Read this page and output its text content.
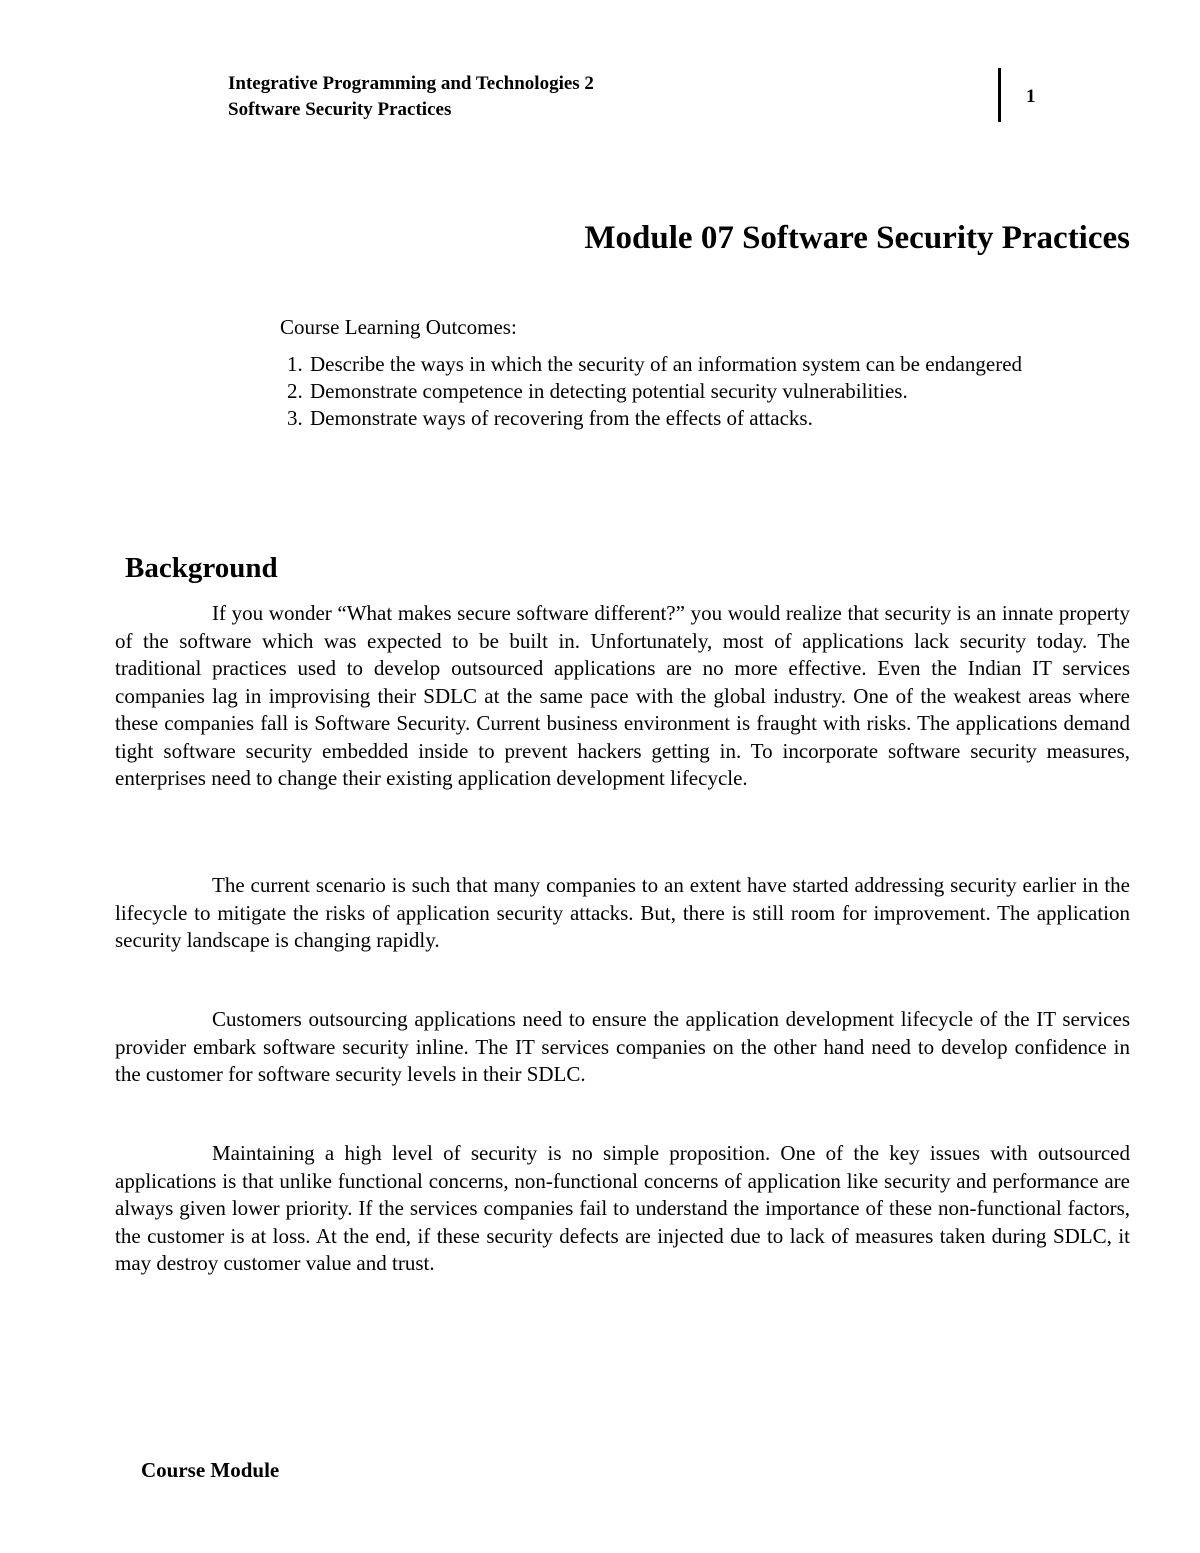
Integrative Programming and Technologies 2
Software Security Practices
1
Module 07 Software Security Practices
Course Learning Outcomes:
1. Describe the ways in which the security of an information system can be endangered
2. Demonstrate competence in detecting potential security vulnerabilities.
3. Demonstrate ways of recovering from the effects of attacks.
Background

If you wonder “What makes secure software different?” you would realize that security is an innate property of the software which was expected to be built in. Unfortunately, most of applications lack security today. The traditional practices used to develop outsourced applications are no more effective. Even the Indian IT services companies lag in improvising their SDLC at the same pace with the global industry. One of the weakest areas where these companies fall is Software Security. Current business environment is fraught with risks. The applications demand tight software security embedded inside to prevent hackers getting in. To incorporate software security measures, enterprises need to change their existing application development lifecycle.

The current scenario is such that many companies to an extent have started addressing security earlier in the lifecycle to mitigate the risks of application security attacks. But, there is still room for improvement. The application security landscape is changing rapidly.

Customers outsourcing applications need to ensure the application development lifecycle of the IT services provider embark software security inline. The IT services companies on the other hand need to develop confidence in the customer for software security levels in their SDLC.

Maintaining a high level of security is no simple proposition. One of the key issues with outsourced applications is that unlike functional concerns, non-functional concerns of application like security and performance are always given lower priority. If the services companies fail to understand the importance of these non-functional factors, the customer is at loss. At the end, if these security defects are injected due to lack of measures taken during SDLC, it may destroy customer value and trust.

Course Module
